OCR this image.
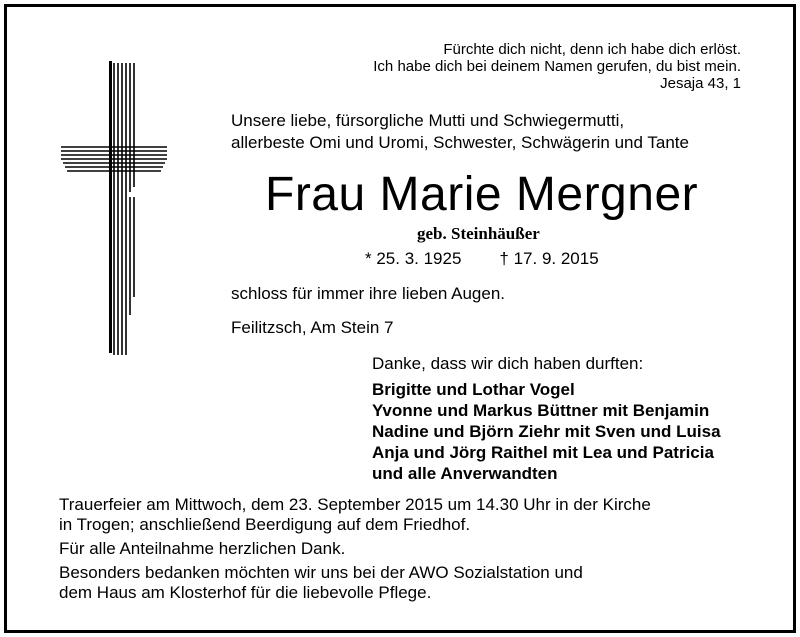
Fürchte dich nicht, denn ich habe dich erlöst.
Ich habe dich bei deinem Namen gerufen, du bist mein.
Jesaja 43, 1
Unsere liebe, fürsorgliche Mutti und Schwiegermutti,
allerbeste Omi und Uromi, Schwester, Schwägerin und Tante
Frau Marie Mergner
geb. Steinhäußer
* 25. 3. 1925 † 17. 9. 2015
schloss für immer ihre lieben Augen.
Feilitzsch, Am Stein 7
Danke, dass wir dich haben durften:
Brigitte und Lothar Vogel
Yvonne und Markus Büttner mit Benjamin
Nadine und Björn Ziehr mit Sven und Luisa
Anja und Jörg Raithel mit Lea und Patricia
und alle Anverwandten
Trauerfeier am Mittwoch, dem 23. September 2015 um 14.30 Uhr in der Kirche
in Trogen; anschließend Beerdigung auf dem Friedhof.
Für alle Anteilnahme herzlichen Dank.
Besonders bedanken möchten wir uns bei der AWO Sozialstation und
dem Haus am Klosterhof für die liebevolle Pflege.
